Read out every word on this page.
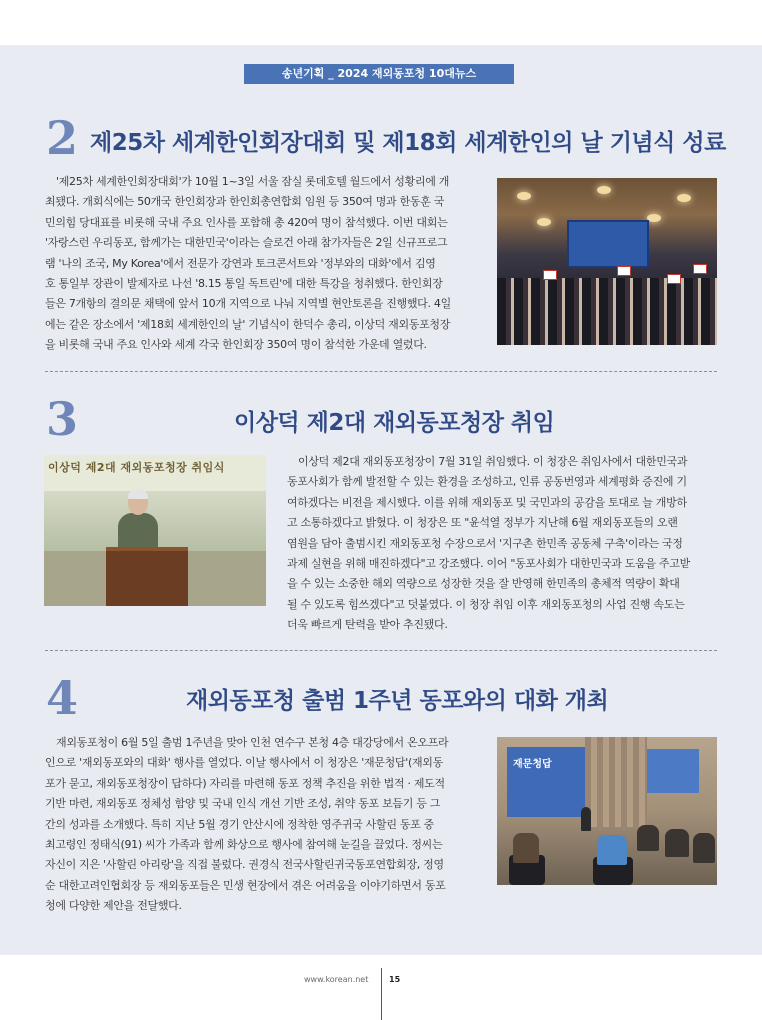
송년기획 _ 2024 재외동포청 10대뉴스
2 제25차 세계한인회장대회 및 제18회 세계한인의 날 기념식 성료
'제25차 세계한인회장대회'가 10월 1~3일 서울 잠실 롯데호텔 월드에서 성황리에 개
최됐다. 개회식에는 50개국 한인회장과 한인회총연합회 임원 등 350여 명과 한동훈 국
민의힘 당대표를 비롯해 국내 주요 인사를 포함해 총 420여 명이 참석했다. 이번 대회는
'자랑스런 우리동포, 함께가는 대한민국'이라는 슬로건 아래 참가자들은 2일 신규프로그
램 '나의 조국, My Korea'에서 전문가 강연과 토크콘서트와 '정부와의 대화'에서 김영
호 통일부 장관이 발제자로 나선 '8.15 통일 독트린'에 대한 특강을 청취했다. 한인회장
들은 7개항의 결의문 채택에 앞서 10개 지역으로 나눠 지역별 현안토론을 진행했다. 4일
에는 같은 장소에서 '제18회 세계한인의 날' 기념식이 한덕수 총리, 이상덕 재외동포청장
을 비롯해 국내 주요 인사와 세계 각국 한인회장 350여 명이 참석한 가운데 열렸다.
3	이상덕 제2대 재외동포청장 취임
이상덕 제2대 재외동포청장 취임식	이상덕 제2대 재외동포청장이 7월 31일 취임했다. 이 청장은 취임사에서 대한민국과
동포사회가 함께 발전할 수 있는 환경을 조성하고, 인류 공동번영과 세계평화 증진에 기
여하겠다는 비전을 제시했다. 이를 위해 재외동포 및 국민과의 공감을 토대로 늘 개방하
고 소통하겠다고 밝혔다. 이 청장은 또 "윤석열 정부가 지난해 6월 재외동포들의 오랜
염원을 담아 출범시킨 재외동포청 수장으로서 '지구촌 한민족 공동체 구축'이라는 국정
과제 실현을 위해 매진하겠다"고 강조했다. 이어 "동포사회가 대한민국과 도움을 주고받
을 수 있는 소중한 해외 역량으로 성장한 것을 잘 반영해 한민족의 총체적 역량이 확대
될 수 있도록 힘쓰겠다"고 덧붙였다. 이 청장 취임 이후 재외동포청의 사업 진행 속도는
더욱 빠르게 탄력을 받아 추진됐다.
4	재외동포청 출범 1주년 동포와의 대화 개최
재외동포청이 6월 5일 출범 1주년을 맞아 인천 연수구 본청 4층 대강당에서 온오프라
인으로 '재외동포와의 대화' 행사를 열었다. 이날 행사에서 이 청장은 '재문청답'(재외동
포가 묻고, 재외동포청장이 답하다) 자리를 마련해 동포 정책 추진을 위한 법적 · 제도적
기반 마련, 재외동포 정체성 함양 및 국내 인식 개선 기반 조성, 취약 동포 보듬기 등 그
간의 성과를 소개했다. 특히 지난 5월 경기 안산시에 정착한 영주귀국 사할린 동포 중
최고령인 정태식(91) 씨가 가족과 함께 화상으로 행사에 참여해 눈길을 끌었다. 정씨는
자신이 지은 '사할린 아리랑'을 직접 불렀다. 권경식 전국사할린귀국동포연합회장, 정영
순 대한고려인협회장 등 재외동포들은 민생 현장에서 겪은 어려움을 이야기하면서 동포
청에 다양한 제안을 전달했다.
재문청답
www.korean.net	15
